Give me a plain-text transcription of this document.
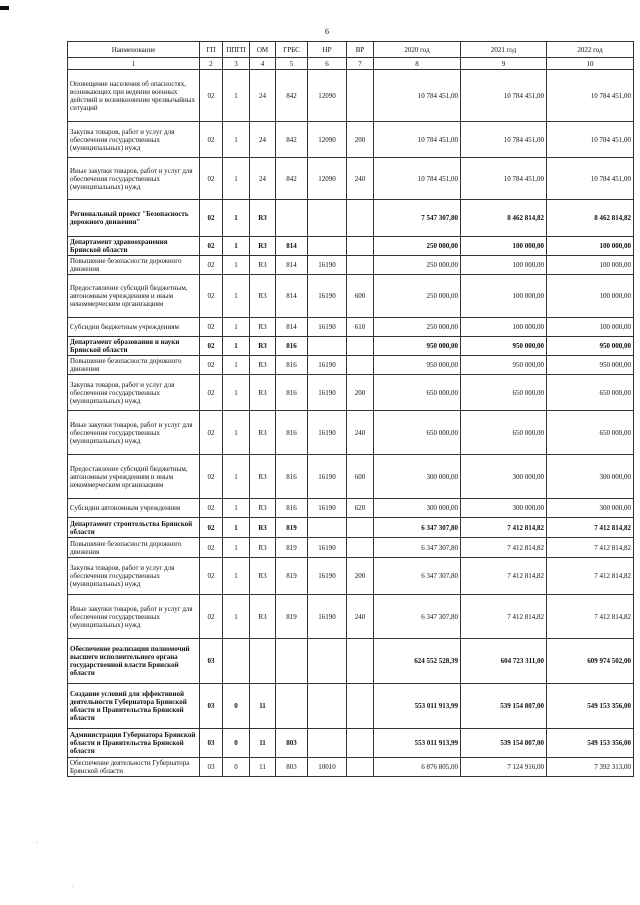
6
Наименование	ГП	ППГП	ОМ	ГРБС	НР	ВР	2020 год	2021 год	2022 год
1	2	3	4	5	6	7	8	9	10
Оповещение населения об опасностях, возникающих при ведении военных действий и возникновении чрезвычайных ситуаций	02	1	24	842	12090		10 784 451,00	10 784 451,00	10 784 451,00
Закупка товаров, работ и услуг для обеспечения государственных (муниципальных) нужд	02	1	24	842	12090	200	10 784 451,00	10 784 451,00	10 784 451,00
Иные закупки товаров, работ и услуг для обеспечения государственных (муниципальных) нужд	02	1	24	842	12090	240	10 784 451,00	10 784 451,00	10 784 451,00
Региональный проект "Безопасность дорожного движения"	02	1	R3				7 547 307,80	8 462 814,82	8 462 814,82
Департамент здравоохранения Брянской области	02	1	R3	814			250 000,00	100 000,00	100 000,00
Повышение безопасности дорожного движения	02	1	R3	814	16190		250 000,00	100 000,00	100 000,00
Предоставление субсидий бюджетным, автономным учреждениям и иным некоммерческим организациям	02	1	R3	814	16190	600	250 000,00	100 000,00	100 000,00
Субсидии бюджетным учреждениям	02	1	R3	814	16190	610	250 000,00	100 000,00	100 000,00
Департамент образования и науки Брянской области	02	1	R3	816			950 000,00	950 000,00	950 000,00
Повышение безопасности дорожного движения	02	1	R3	816	16190		950 000,00	950 000,00	950 000,00
Закупка товаров, работ и услуг для обеспечения государственных (муниципальных) нужд	02	1	R3	816	16190	200	650 000,00	650 000,00	650 000,00
Иные закупки товаров, работ и услуг для обеспечения государственных (муниципальных) нужд	02	1	R3	816	16190	240	650 000,00	650 000,00	650 000,00
Предоставление субсидий бюджетным, автономным учреждениям и иным некоммерческим организациям	02	1	R3	816	16190	600	300 000,00	300 000,00	300 000,00
Субсидии автономным учреждениям	02	1	R3	816	16190	620	300 000,00	300 000,00	300 000,00
Департамент строительства Брянской области	02	1	R3	819			6 347 307,80	7 412 814,82	7 412 814,82
Повышение безопасности дорожного движения	02	1	R3	819	16190		6 347 307,80	7 412 814,82	7 412 814,82
Закупка товаров, работ и услуг для обеспечения государственных (муниципальных) нужд	02	1	R3	819	16190	200	6 347 307,80	7 412 814,82	7 412 814,82
Иные закупки товаров, работ и услуг для обеспечения государственных (муниципальных) нужд	02	1	R3	819	16190	240	6 347 307,80	7 412 814,82	7 412 814,82
Обеспечение реализации полномочий высшего исполнительного органа государственной власти Брянской области	03						624 552 528,39	604 723 311,00	609 974 502,00
Создание условий для эффективной деятельности Губернатора Брянской области и Правительства Брянской области	03	0	11				553 011 913,99	539 154 807,00	549 153 356,00
Администрация Губернатора Брянской области и Правительства Брянской области	03	0	11	803			553 011 913,99	539 154 807,00	549 153 356,00
Обеспечение деятельности Губернатора Брянской области	03	0	11	803	10010		6 876 805,00	7 124 916,00	7 392 313,00
·
·
